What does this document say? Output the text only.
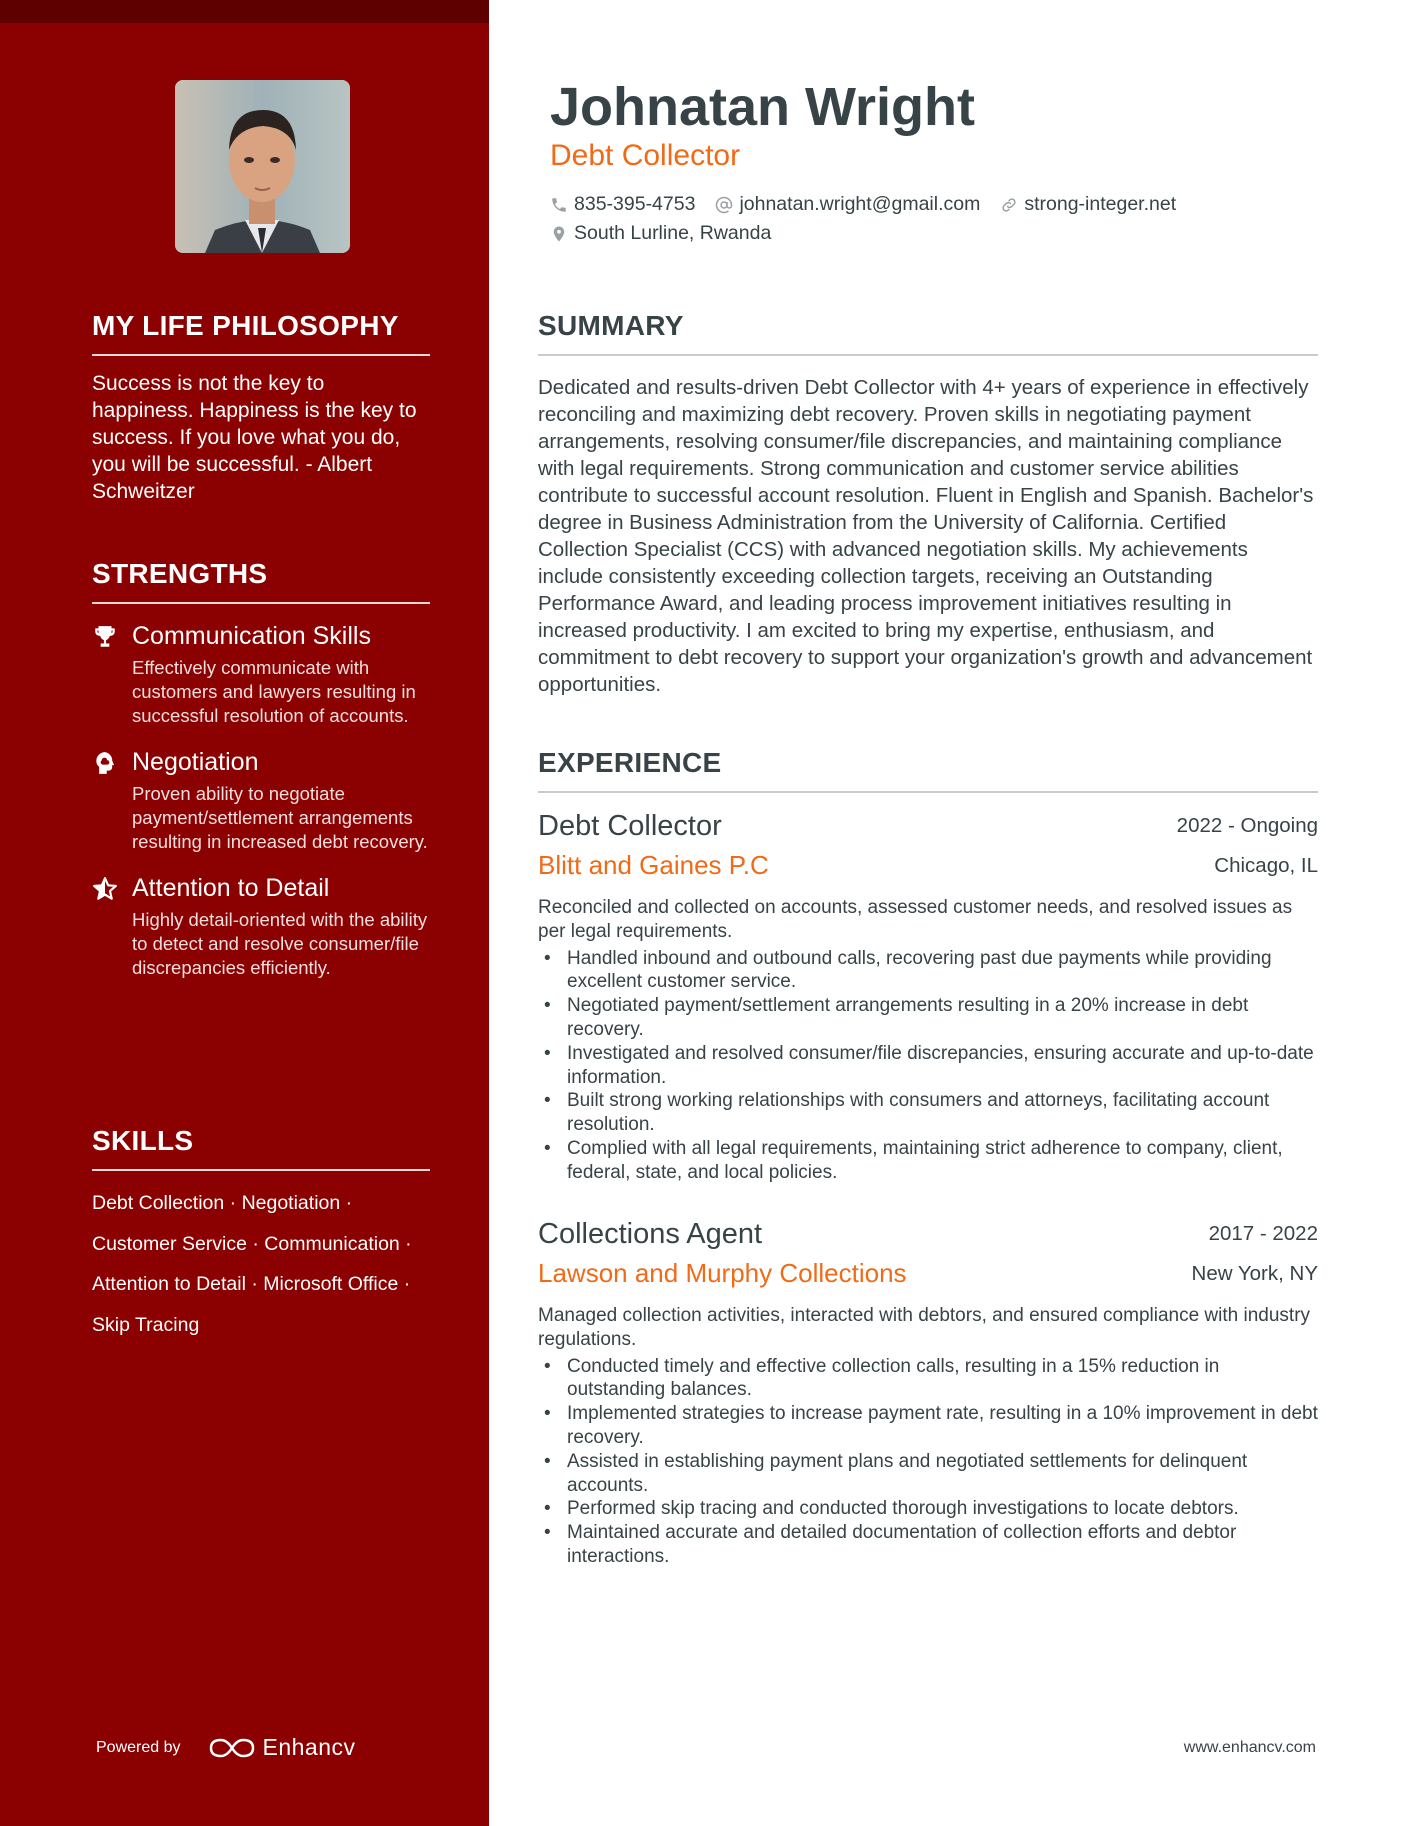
MY LIFE PHILOSOPHY

Success is not the key to happiness. Happiness is the key to success. If you love what you do, you will be successful. - Albert Schweitzer

STRENGTHS
Communication Skills
Effectively communicate with customers and lawyers resulting in successful resolution of accounts.
Negotiation
Proven ability to negotiate payment/settlement arrangements resulting in increased debt recovery.
Attention to Detail
Highly detail-oriented with the ability to detect and resolve consumer/file discrepancies efficiently.
SKILLS
Debt Collection · Negotiation ·
Customer Service · Communication ·
Attention to Detail · Microsoft Office ·
Skip Tracing
Powered by	Enhancv
Johnatan Wright
Debt Collector
835-395-4753 johnatan.wright@gmail.com strong-integer.net
South Lurline, Rwanda
SUMMARY

Dedicated and results-driven Debt Collector with 4+ years of experience in effectively reconciling and maximizing debt recovery. Proven skills in negotiating payment arrangements, resolving consumer/file discrepancies, and maintaining compliance with legal requirements. Strong communication and customer service abilities contribute to successful account resolution. Fluent in English and Spanish. Bachelor's degree in Business Administration from the University of California. Certified Collection Specialist (CCS) with advanced negotiation skills. My achievements include consistently exceeding collection targets, receiving an Outstanding Performance Award, and leading process improvement initiatives resulting in increased productivity. I am excited to bring my expertise, enthusiasm, and commitment to debt recovery to support your organization's growth and advancement opportunities.

EXPERIENCE
Debt Collector	2022 - Ongoing
Blitt and Gaines P.C	Chicago, IL

Reconciled and collected on accounts, assessed customer needs, and resolved issues as per legal requirements.

• Handled inbound and outbound calls, recovering past due payments while providing excellent customer service.
• Negotiated payment/settlement arrangements resulting in a 20% increase in debt recovery.
• Investigated and resolved consumer/file discrepancies, ensuring accurate and up-to-date information.
• Built strong working relationships with consumers and attorneys, facilitating account resolution.
• Complied with all legal requirements, maintaining strict adherence to company, client, federal, state, and local policies.
Collections Agent	2017 - 2022
Lawson and Murphy Collections	New York, NY

Managed collection activities, interacted with debtors, and ensured compliance with industry regulations.

• Conducted timely and effective collection calls, resulting in a 15% reduction in outstanding balances.
• Implemented strategies to increase payment rate, resulting in a 10% improvement in debt recovery.
• Assisted in establishing payment plans and negotiated settlements for delinquent accounts.
• Performed skip tracing and conducted thorough investigations to locate debtors.
• Maintained accurate and detailed documentation of collection efforts and debtor interactions.
www.enhancv.com
